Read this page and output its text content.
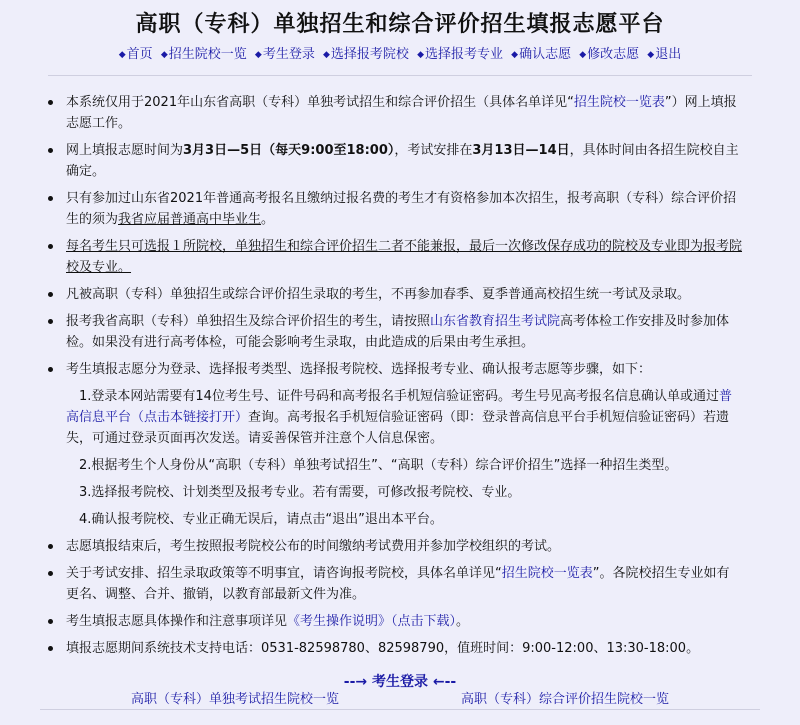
高职（专科）单独招生和综合评价招生填报志愿平台
◆首页 ◆招生院校一览 ◆考生登录 ◆选择报考院校 ◆选择报考专业 ◆确认志愿 ◆修改志愿 ◆退出
本系统仅用于2021年山东省高职（专科）单独考试招生和综合评价招生（具体名单详见“招生院校一览表”）网上填报志愿工作。
网上填报志愿时间为3月3日—5日（每天9:00至18:00），考试安排在3月13日—14日，具体时间由各招生院校自主确定。
只有参加过山东省2021年普通高考报名且缴纳过报名费的考生才有资格参加本次招生，报考高职（专科）综合评价招生的须为我省应届普通高中毕业生。
每名考生只可选报１所院校，单独招生和综合评价招生二者不能兼报，最后一次修改保存成功的院校及专业即为报考院校及专业。
凡被高职（专科）单独招生或综合评价招生录取的考生，不再参加春季、夏季普通高校招生统一考试及录取。
报考我省高职（专科）单独招生及综合评价招生的考生，请按照山东省教育招生考试院高考体检工作安排及时参加体检。如果没有进行高考体检，可能会影响考生录取，由此造成的后果由考生承担。
考生填报志愿分为登录、选择报考类型、选择报考院校、选择报考专业、确认报考志愿等步骤，如下：
1.登录本网站需要有14位考生号、证件号码和高考报名手机短信验证密码。考生号见高考报名信息确认单或通过普高信息平台（点击本链接打开）查询。高考报名手机短信验证密码（即：登录普高信息平台手机短信验证密码）若遗失，可通过登录页面再次发送。请妥善保管并注意个人信息保密。
2.根据考生个人身份从“高职（专科）单独考试招生”、“高职（专科）综合评价招生”选择一种招生类型。
3.选择报考院校、计划类型及报考专业。若有需要，可修改报考院校、专业。
4.确认报考院校、专业正确无误后，请点击“退出”退出本平台。
志愿填报结束后，考生按照报考院校公布的时间缴纳考试费用并参加学校组织的考试。
关于考试安排、招生录取政策等不明事宜，请咨询报考院校，具体名单详见“招生院校一览表”。各院校招生专业如有更名、调整、合并、撤销，以教育部最新文件为准。
考生填报志愿具体操作和注意事项详见《考生操作说明》（点击下载）。
填报志愿期间系统技术支持电话：0531-82598780、82598790，值班时间：9:00-12:00、13:30-18:00。
--→ 考生登录 ←--
高职（专科）单独考试招生院校一览	高职（专科）综合评价招生院校一览
